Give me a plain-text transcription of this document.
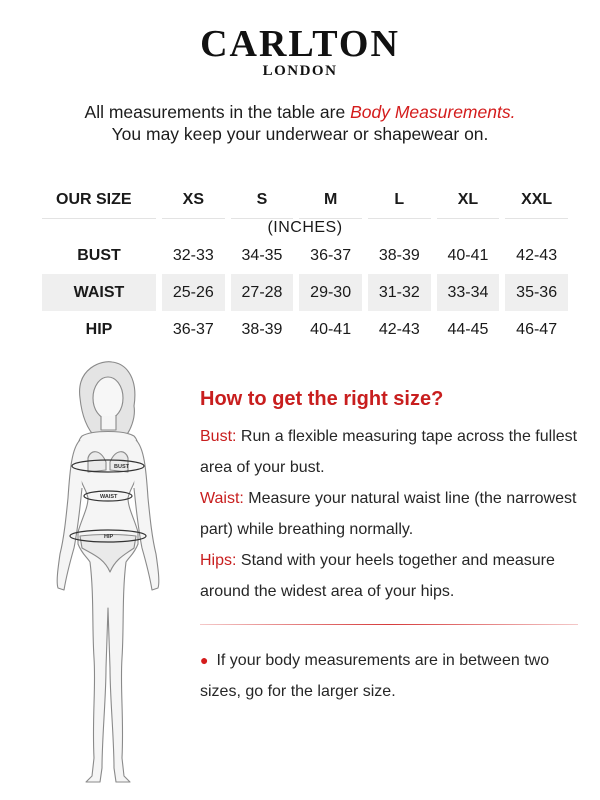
CARLTON
LONDON
All measurements in the table are Body Measurements.
You may keep your underwear or shapewear on.
OUR SIZE	XS	S	M	L	XL	XXL
(INCHES)						
BUST	32-33	34-35	36-37	38-39	40-41	42-43
WAIST	25-26	27-28	29-30	31-32	33-34	35-36
HIP	36-37	38-39	40-41	42-43	44-45	46-47
BUST
WAIST
HIP
How to get the right size?
Bust: Run a flexible measuring tape across the fullest area of your bust.
Waist: Measure your natural waist line (the narrowest part) while breathing normally.
Hips: Stand with your heels together and measure around the widest area of your hips.
● If your body measurements are in between two sizes, go for the larger size.
